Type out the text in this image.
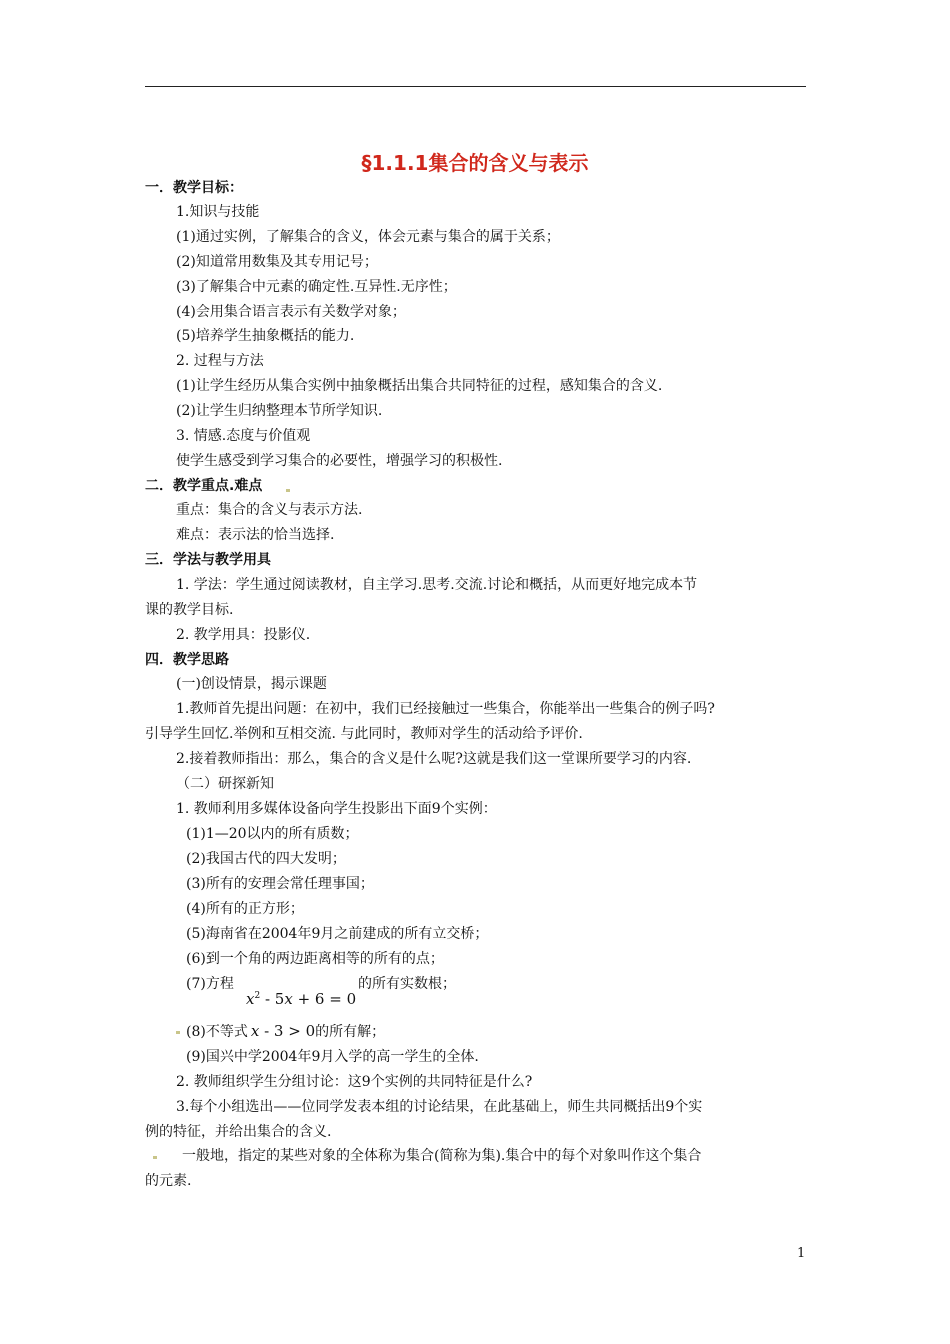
§1.1.1集合的含义与表示
一．教学目标：
1.知识与技能
(1)通过实例，了解集合的含义，体会元素与集合的属于关系；
(2)知道常用数集及其专用记号；
(3)了解集合中元素的确定性.互异性.无序性；
(4)会用集合语言表示有关数学对象；
(5)培养学生抽象概括的能力.
2. 过程与方法
(1)让学生经历从集合实例中抽象概括出集合共同特征的过程，感知集合的含义.
(2)让学生归纳整理本节所学知识.
3. 情感.态度与价值观
使学生感受到学习集合的必要性，增强学习的积极性.
二．教学重点.难点
重点：集合的含义与表示方法.
难点：表示法的恰当选择.
三．学法与教学用具
1. 学法：学生通过阅读教材，自主学习.思考.交流.讨论和概括，从而更好地完成本节
课的教学目标.
2. 教学用具：投影仪.
四．教学思路
(一)创设情景，揭示课题
1.教师首先提出问题：在初中，我们已经接触过一些集合，你能举出一些集合的例子吗?
引导学生回忆.举例和互相交流. 与此同时，教师对学生的活动给予评价.
2.接着教师指出：那么，集合的含义是什么呢?这就是我们这一堂课所要学习的内容.
（二）研探新知
1. 教师利用多媒体设备向学生投影出下面9个实例：
(1)1—20以内的所有质数；
(2)我国古代的四大发明；
(3)所有的安理会常任理事国；
(4)所有的正方形；
(5)海南省在2004年9月之前建成的所有立交桥；
(6)到一个角的两边距离相等的所有的点；
(7)方程
$x^2 - 5x + 6 = 0$
的所有实数根；
(8)不等式 x - 3 > 0的所有解；
(9)国兴中学2004年9月入学的高一学生的全体.
2. 教师组织学生分组讨论：这9个实例的共同特征是什么?
3.每个小组选出——位同学发表本组的讨论结果，在此基础上，师生共同概括出9个实
例的特征，并给出集合的含义.
一般地，指定的某些对象的全体称为集合(简称为集).集合中的每个对象叫作这个集合
的元素.
1
